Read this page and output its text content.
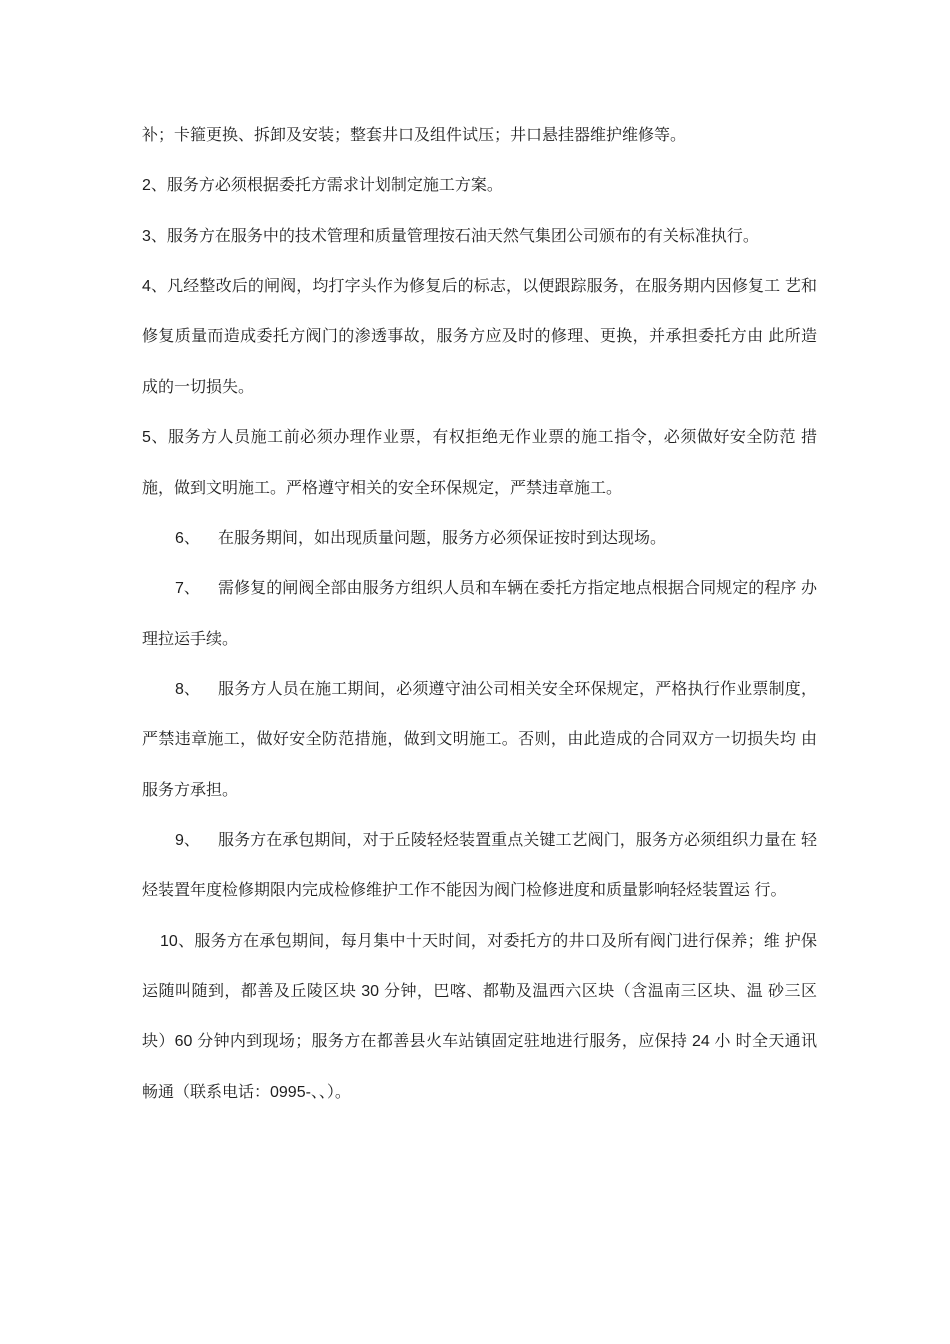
补；卡箍更换、拆卸及安装；整套井口及组件试压；井口悬挂器维护维修等。
2、服务方必须根据委托方需求计划制定施工方案。
3、服务方在服务中的技术管理和质量管理按石油天然气集团公司颁布的有关标准执行。
4、凡经整改后的闸阀，均打字头作为修复后的标志，以便跟踪服务，在服务期内因修复工 艺和
修复质量而造成委托方阀门的渗透事故，服务方应及时的修理、更换，并承担委托方由 此所造
成的一切损失。
5、服务方人员施工前必须办理作业票，有权拒绝无作业票的施工指令，必须做好安全防范 措
施，做到文明施工。严格遵守相关的安全环保规定，严禁违章施工。
6、	在服务期间，如出现质量问题，服务方必须保证按时到达现场。
7、	需修复的闸阀全部由服务方组织人员和车辆在委托方指定地点根据合同规定的程序 办
理拉运手续。
8、	服务方人员在施工期间，必须遵守油公司相关安全环保规定，严格执行作业票制度，
严禁违章施工，做好安全防范措施，做到文明施工。否则，由此造成的合同双方一切损失均 由
服务方承担。
9、	服务方在承包期间，对于丘陵轻烃装置重点关键工艺阀门，服务方必须组织力量在 轻
烃装置年度检修期限内完成检修维护工作不能因为阀门检修进度和质量影响轻烃装置运 行。
10、服务方在承包期间，每月集中十天时间，对委托方的井口及所有阀门进行保养；维 护保
运随叫随到，都善及丘陵区块 30 分钟，巴喀、都勒及温西六区块（含温南三区块、温 砂三区
块）60 分钟内到现场；服务方在都善县火车站镇固定驻地进行服务，应保持 24 小 时全天通讯
畅通（联系电话：0995-、、）。
